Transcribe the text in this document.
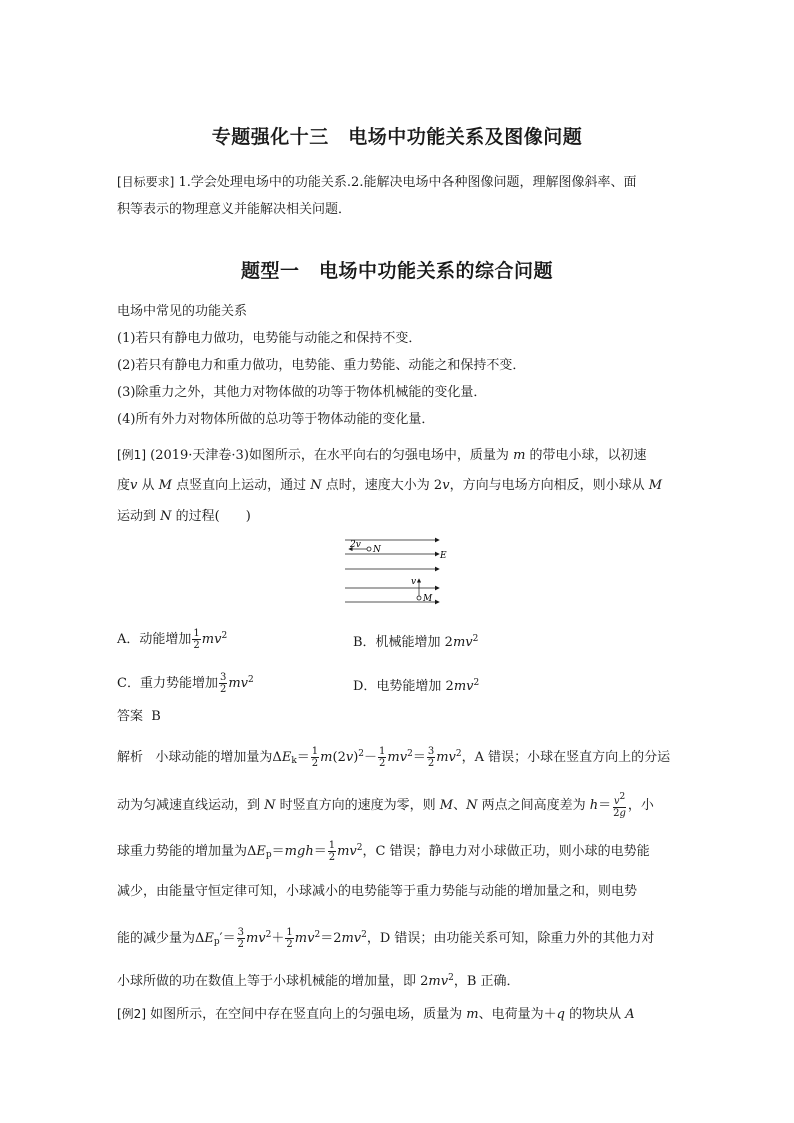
专题强化十三　电场中功能关系及图像问题
[目标要求] 1.学会处理电场中的功能关系.2.能解决电场中各种图像问题，理解图像斜率、面
积等表示的物理意义并能解决相关问题．
题型一　电场中功能关系的综合问题
电场中常见的功能关系
(1)若只有静电力做功，电势能与动能之和保持不变．
(2)若只有静电力和重力做功，电势能、重力势能、动能之和保持不变．
(3)除重力之外，其他力对物体做的功等于物体机械能的变化量．
(4)所有外力对物体所做的总功等于物体动能的变化量．
[例1] (2019·天津卷·3)如图所示，在水平向右的匀强电场中，质量为 m 的带电小球，以初速
度v 从 M 点竖直向上运动，通过 N 点时，速度大小为 2v，方向与电场方向相反，则小球从 M
运动到 N 的过程(　　)
2v N
E
v
M
A．动能增加 $\frac{1}{2} mv^2$	B．机械能增加 $2mv^2$
C．重力势能增加 $\frac{3}{2} mv^2$	D．电势能增加 $2mv^2$
答案 B
解析   小球动能的增加量为$\Delta E_k= \frac{1}{2} m(2v)^2- \frac{1}{2} mv^2= \frac{3}{2} mv^2$，A 错误；小球在竖直方向上的分运
动为匀减速直线运动，到 N 时竖直方向的速度为零，则 M、N 两点之间高度差为 $h= \frac{v2}{2g}$ ，小
球重力势能的增加量为$\Delta E_p=mgh= \frac{1}{2} mv^2$，C 错误；静电力对小球做正功，则小球的电势能
减少，由能量守恒定律可知，小球减小的电势能等于重力势能与动能的增加量之和，则电势
能的减少量为$\Delta E_p'= \frac{3}{2} mv^2+ \frac{1}{2} mv^2=2mv^2$，D 错误；由功能关系可知，除重力外的其他力对
小球所做的功在数值上等于小球机械能的增加量，即 $2mv^2$，B 正确．
[例2] 如图所示，在空间中存在竖直向上的匀强电场，质量为 m、电荷量为＋q 的物块从 A
